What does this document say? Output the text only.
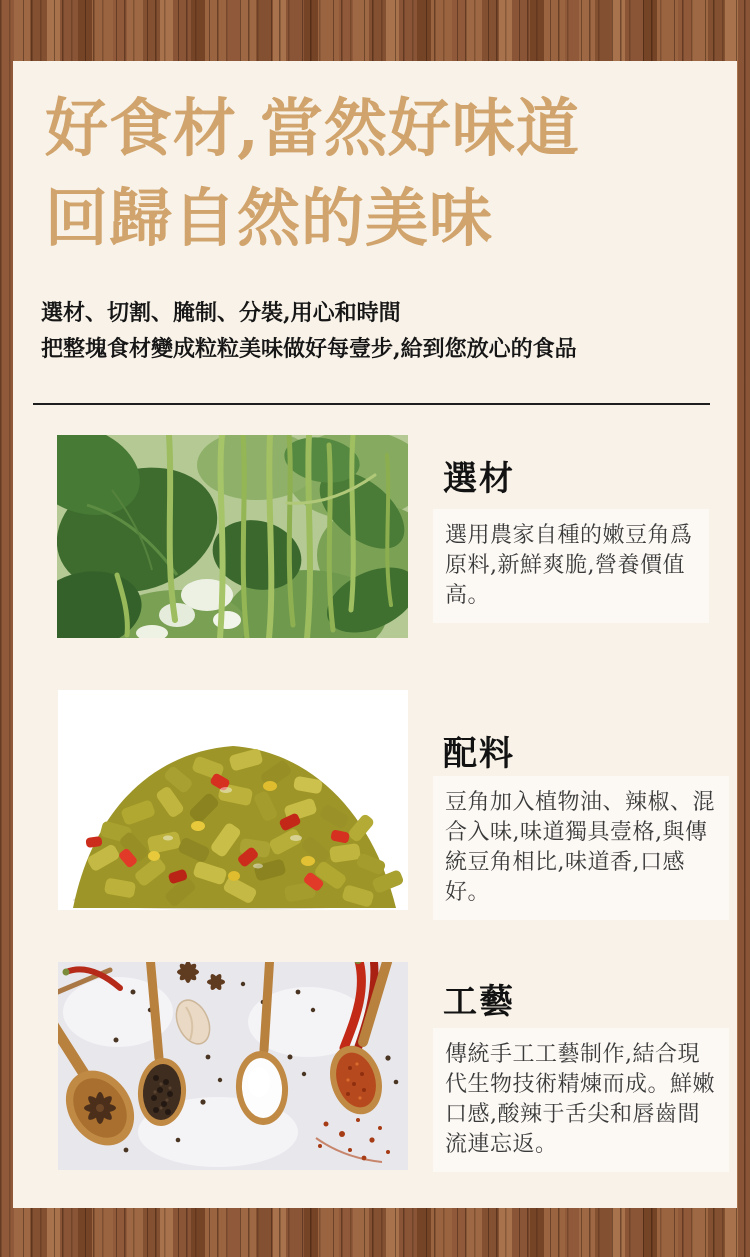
好食材,當然好味道
回歸自然的美味
選材、切割、腌制、分裝,用心和時間
把整塊食材變成粒粒美味做好每壹步,給到您放心的食品
選材
選用農家自種的嫩豆角爲原料,新鮮爽脆,營養價值高。
配料
豆角加入植物油、辣椒、混合入味,味道獨具壹格,與傳統豆角相比,味道香,口感好。
工藝
傳統手工工藝制作,結合現代生物技術精煉而成。鮮嫩口感,酸辣于舌尖和唇齒間流連忘返。
